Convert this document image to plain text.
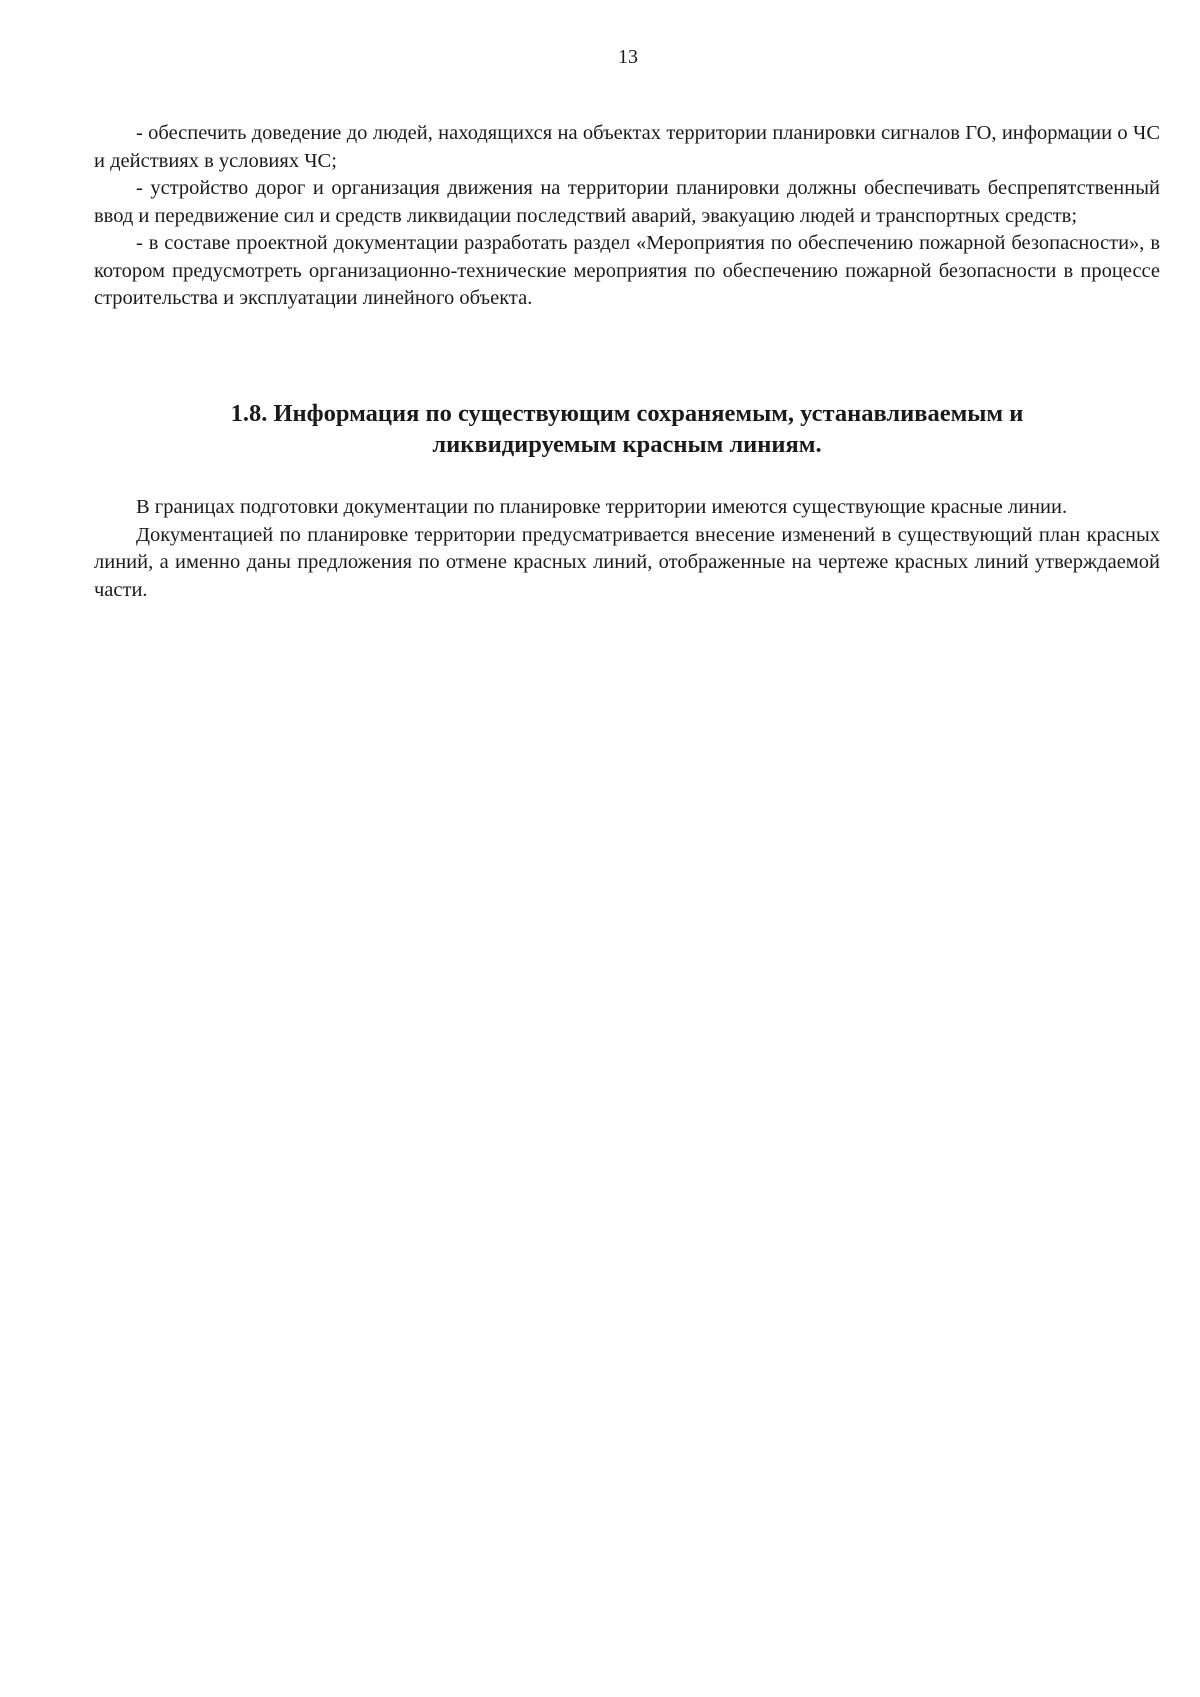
13

- обеспечить доведение до людей, находящихся на объектах территории планировки сигналов ГО, информации о ЧС и действиях в условиях ЧС;

- устройство дорог и организация движения на территории планировки должны обеспечивать беспрепятственный ввод и передвижение сил и средств ликвидации последствий аварий, эвакуацию людей и транспортных средств;

- в составе проектной документации разработать раздел «Мероприятия по обеспечению пожарной безопасности», в котором предусмотреть организационно-технические мероприятия по обеспечению пожарной безопасности в процессе строительства и эксплуатации линейного объекта.

1.8. Информация по существующим сохраняемым, устанавливаемым и
ликвидируемым красным линиям.

В границах подготовки документации по планировке территории имеются существующие красные линии.

Документацией по планировке территории предусматривается внесение изменений в существующий план красных линий, а именно даны предложения по отмене красных линий, отображенные на чертеже красных линий утверждаемой части.
